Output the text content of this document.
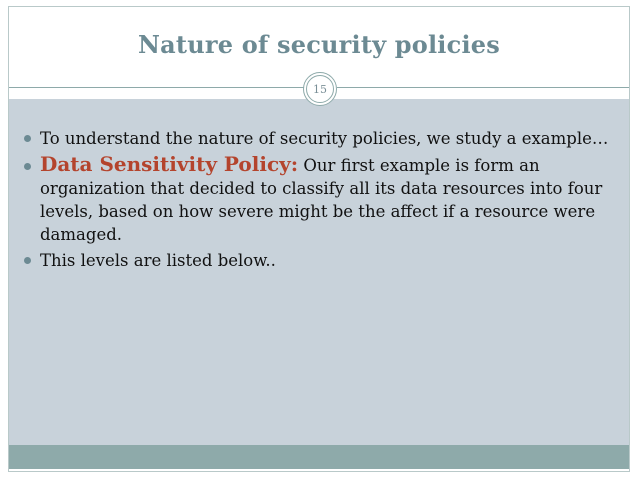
Nature of security policies
15
To understand the nature of security policies, we study a example…
Data Sensitivity Policy: Our first example is form an organization that decided to classify all its data resources into four levels, based on how severe might be the affect if a resource were damaged.
This levels are listed below..
